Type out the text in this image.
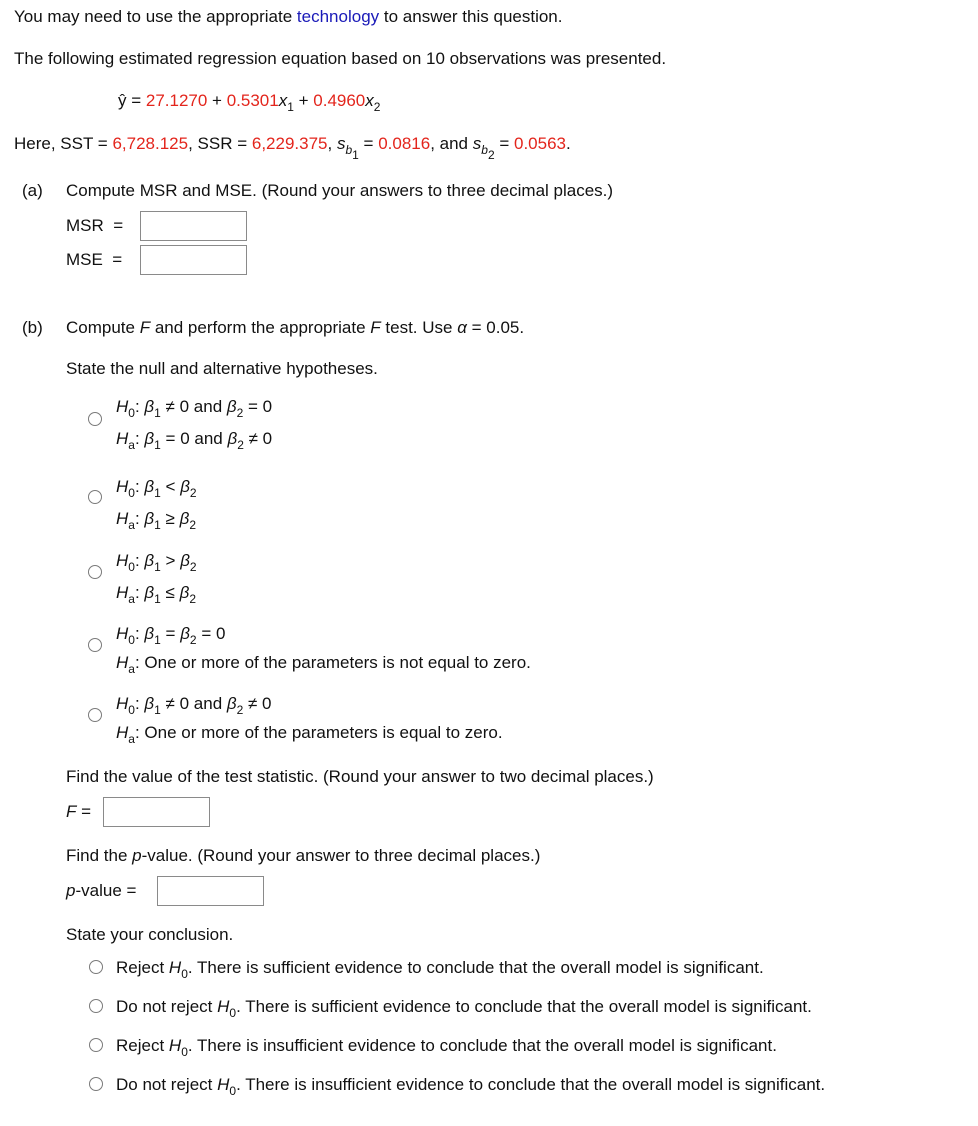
You may need to use the appropriate technology to answer this question.
The following estimated regression equation based on 10 observations was presented.
ŷ = $27.1270 + 0.5301x_1 + 0.4960x_2$
Here, SST = 6,728.125, SSR = 6,229.375, $s_{b_1} = 0.0816$, and $s_{b_2} = 0.0563$.
(a) Compute MSR and MSE. (Round your answers to three decimal places.)
MSR =
MSE =
(b) Compute F and perform the appropriate F test. Use α = 0.05.
State the null and alternative hypotheses.
$H_0$: $\beta_1 \ne 0$ and $\beta_2 = 0$
$H_a$: $\beta_1 = 0$ and $\beta_2 \ne 0$
$H_0$: $\beta_1 < \beta_2$
$H_a$: $\beta_1 \ge \beta_2$
$H_0$: $\beta_1 > \beta_2$
$H_a$: $\beta_1 \le \beta_2$
$H_0$: $\beta_1 = \beta_2 = 0$
$H_a$: One or more of the parameters is not equal to zero.
$H_0$: $\beta_1 \ne 0$ and $\beta_2 \ne 0$
$H_a$: One or more of the parameters is equal to zero.
Find the value of the test statistic. (Round your answer to two decimal places.)
F =
Find the p-value. (Round your answer to three decimal places.)
p-value =
State your conclusion.
Reject $H_0$. There is sufficient evidence to conclude that the overall model is significant.
Do not reject $H_0$. There is sufficient evidence to conclude that the overall model is significant.
Reject $H_0$. There is insufficient evidence to conclude that the overall model is significant.
Do not reject $H_0$. There is insufficient evidence to conclude that the overall model is significant.
